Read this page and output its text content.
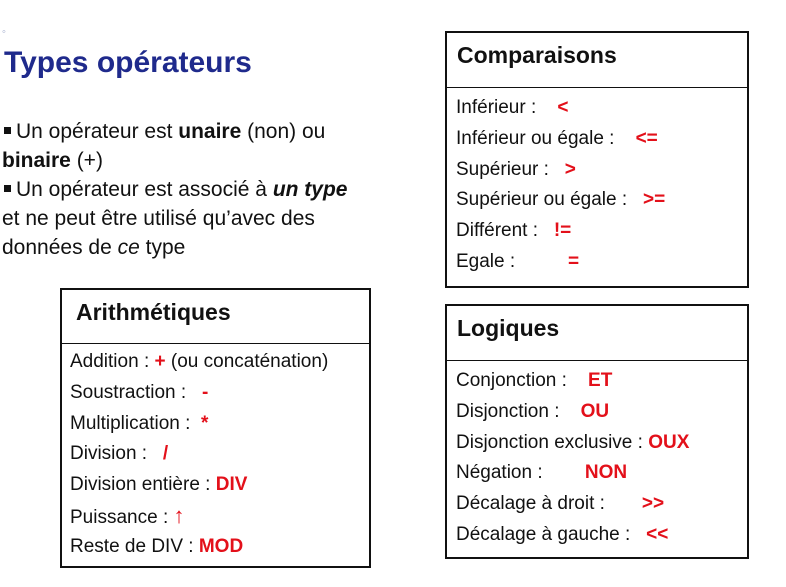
◦
Types opérateurs

Un opérateur est unaire (non) ou

binaire (+)

Un opérateur est associé à un type

et ne peut être utilisé qu’avec des

données de ce type

Comparaisons
Inférieur :    <
Inférieur ou égale :    <=
Supérieur :   >
Supérieur ou égale :   >=
Différent :   !=
Egale :          =
Logiques
Conjonction :    ET
Disjonction :    OU
Disjonction exclusive : OUX
Négation :        NON
Décalage à droit :       >>
Décalage à gauche :   <<
Arithmétiques
Addition : + (ou concaténation)
Soustraction :   -
Multiplication :  *
Division :   /
Division entière : DIV
Puissance : ↑
Reste de DIV : MOD
